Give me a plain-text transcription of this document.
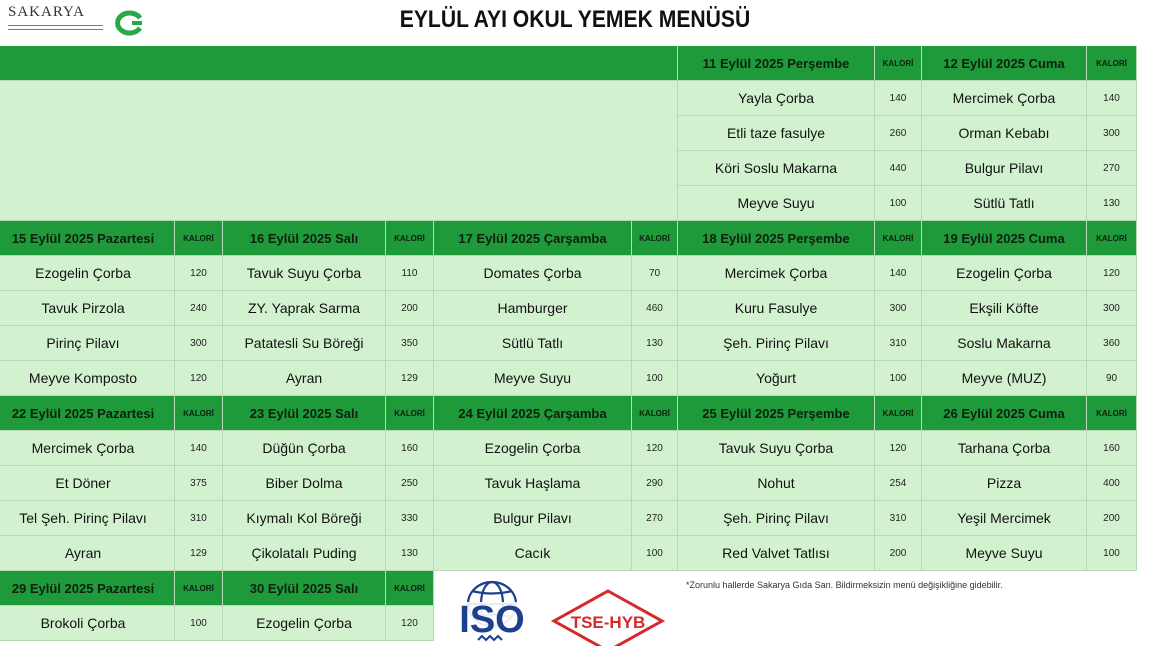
SAKARYA	EYLÜL AYI OKUL YEMEK MENÜSÜ
11 Eylül 2025 Perşembe	KALORİ
Yayla Çorba	140
Etli taze fasulye	260
Köri Soslu Makarna	440
Meyve Suyu	100
12 Eylül 2025 Cuma	KALORİ
Mercimek Çorba	140
Orman Kebabı	300
Bulgur Pilavı	270
Sütlü Tatlı	130
15 Eylül 2025 Pazartesi	KALORİ
Ezogelin Çorba	120
Tavuk Pirzola	240
Pirinç Pilavı	300
Meyve Komposto	120
16 Eylül 2025 Salı	KALORİ
Tavuk Suyu Çorba	110
ZY. Yaprak Sarma	200
Patatesli Su Böreği	350
Ayran	129
17 Eylül 2025 Çarşamba	KALORİ
Domates Çorba	70
Hamburger	460
Sütlü Tatlı	130
Meyve Suyu	100
18 Eylül 2025 Perşembe	KALORİ
Mercimek Çorba	140
Kuru Fasulye	300
Şeh. Pirinç Pilavı	310
Yoğurt	100
19 Eylül 2025 Cuma	KALORİ
Ezogelin Çorba	120
Ekşili Köfte	300
Soslu Makarna	360
Meyve (MUZ)	90
22 Eylül 2025 Pazartesi	KALORİ
Mercimek Çorba	140
Et Döner	375
Tel Şeh. Pirinç Pilavı	310
Ayran	129
23 Eylül 2025 Salı	KALORİ
Düğün Çorba	160
Biber Dolma	250
Kıymalı Kol Böreği	330
Çikolatalı Puding	130
24 Eylül 2025 Çarşamba	KALORİ
Ezogelin Çorba	120
Tavuk Haşlama	290
Bulgur Pilavı	270
Cacık	100
25 Eylül 2025 Perşembe	KALORİ
Tavuk Suyu Çorba	120
Nohut	254
Şeh. Pirinç Pilavı	310
Red Valvet Tatlısı	200
26 Eylül 2025 Cuma	KALORİ
Tarhana Çorba	160
Pizza	400
Yeşil Mercimek	200
Meyve Suyu	100
29 Eylül 2025 Pazartesi	KALORİ
Brokoli Çorba	100
30 Eylül 2025 Salı	KALORİ
Ezogelin Çorba	120
*Zorunlu hallerde Sakarya Gıda San. Bildirmeksizin menü değişikliğine gidebilir.
ISO	TSE-HYB
